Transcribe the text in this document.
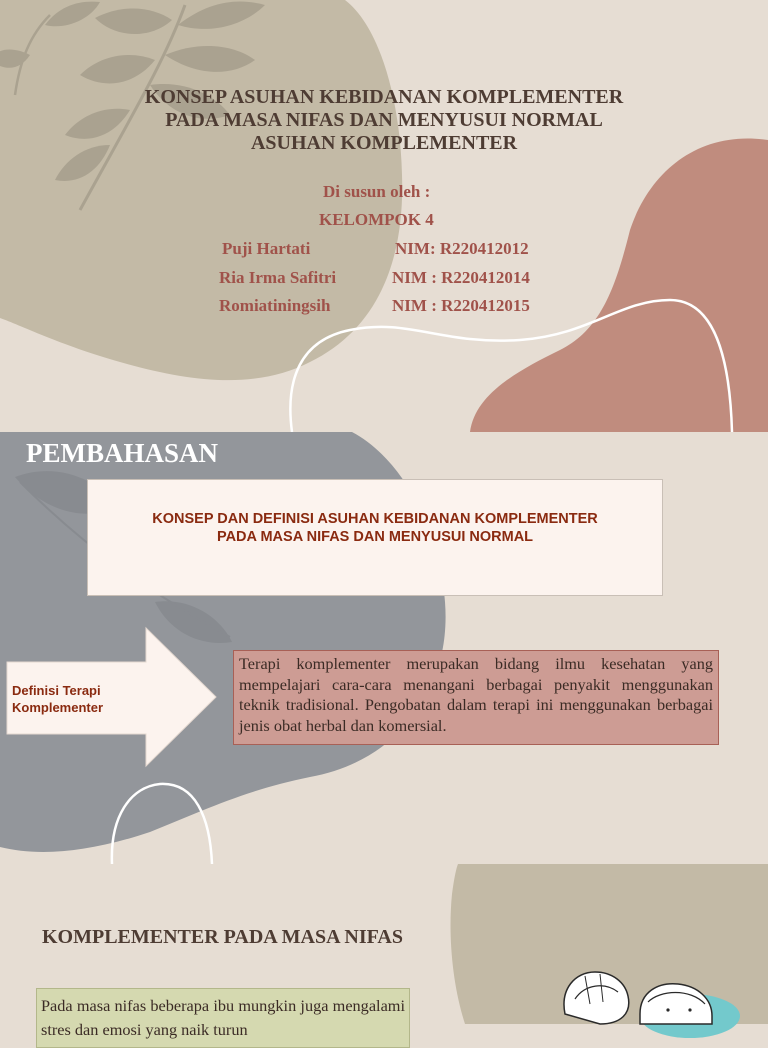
KONSEP ASUHAN KEBIDANAN KOMPLEMENTER
PADA MASA NIFAS DAN MENYUSUI NORMAL
ASUHAN KOMPLEMENTER
Di susun oleh :
KELOMPOK 4
Puji Hartati	NIM: R220412012
Ria Irma Safitri	NIM : R220412014
Romiatiningsih	NIM : R220412015
PEMBAHASAN
KONSEP DAN DEFINISI ASUHAN KEBIDANAN KOMPLEMENTER
PADA MASA NIFAS DAN MENYUSUI NORMAL
Definisi Terapi
Komplementer
Terapi komplementer merupakan bidang ilmu kesehatan yang mempelajari cara-cara menangani berbagai penyakit menggunakan teknik tradisional. Pengobatan dalam terapi ini menggunakan berbagai jenis obat herbal dan komersial.
KOMPLEMENTER PADA MASA NIFAS
Pada masa nifas beberapa ibu mungkin juga mengalami stres dan emosi yang naik turun
